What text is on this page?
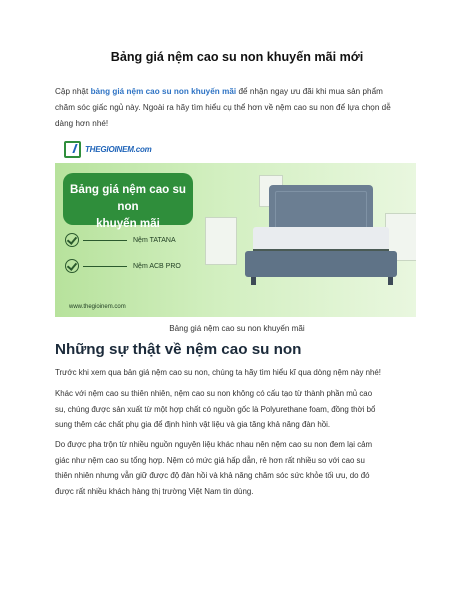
Bảng giá nệm cao su non khuyến mãi mới
Cập nhật bảng giá nệm cao su non khuyến mãi để nhận ngay ưu đãi khi mua sản phẩm
chăm sóc giấc ngủ này. Ngoài ra hãy tìm hiểu cụ thể hơn về nệm cao su non để lựa chọn dễ
dàng hơn nhé!
THEGIOINEM.com
Bảng giá nệm cao su non
khuyến mãi
Nệm TATANA
Nệm ACB PRO
www.thegioinem.com
Bảng giá nệm cao su non khuyến mãi
Những sự thật về nệm cao su non
Trước khi xem qua bản giá nệm cao su non, chúng ta hãy tìm hiểu kĩ qua dòng nệm này nhé!
Khác với nệm cao su thiên nhiên, nệm cao su non không có cấu tạo từ thành phần mủ cao
su, chúng được sản xuất từ một hợp chất có nguồn gốc là Polyurethane foam, đồng thời bổ
sung thêm các chất phụ gia để định hình vật liệu và gia tăng khả năng đàn hồi.
Do được pha trộn từ nhiều nguồn nguyên liệu khác nhau nên nệm cao su non đem lại cảm
giác như nệm cao su tổng hợp. Nệm có mức giá hấp dẫn, rẻ hơn rất nhiều so với cao su
thiên nhiên nhưng vẫn giữ được độ đàn hồi và khả năng chăm sóc sức khỏe tối ưu, do đó
được rất nhiều khách hàng thị trường Việt Nam tin dùng.
